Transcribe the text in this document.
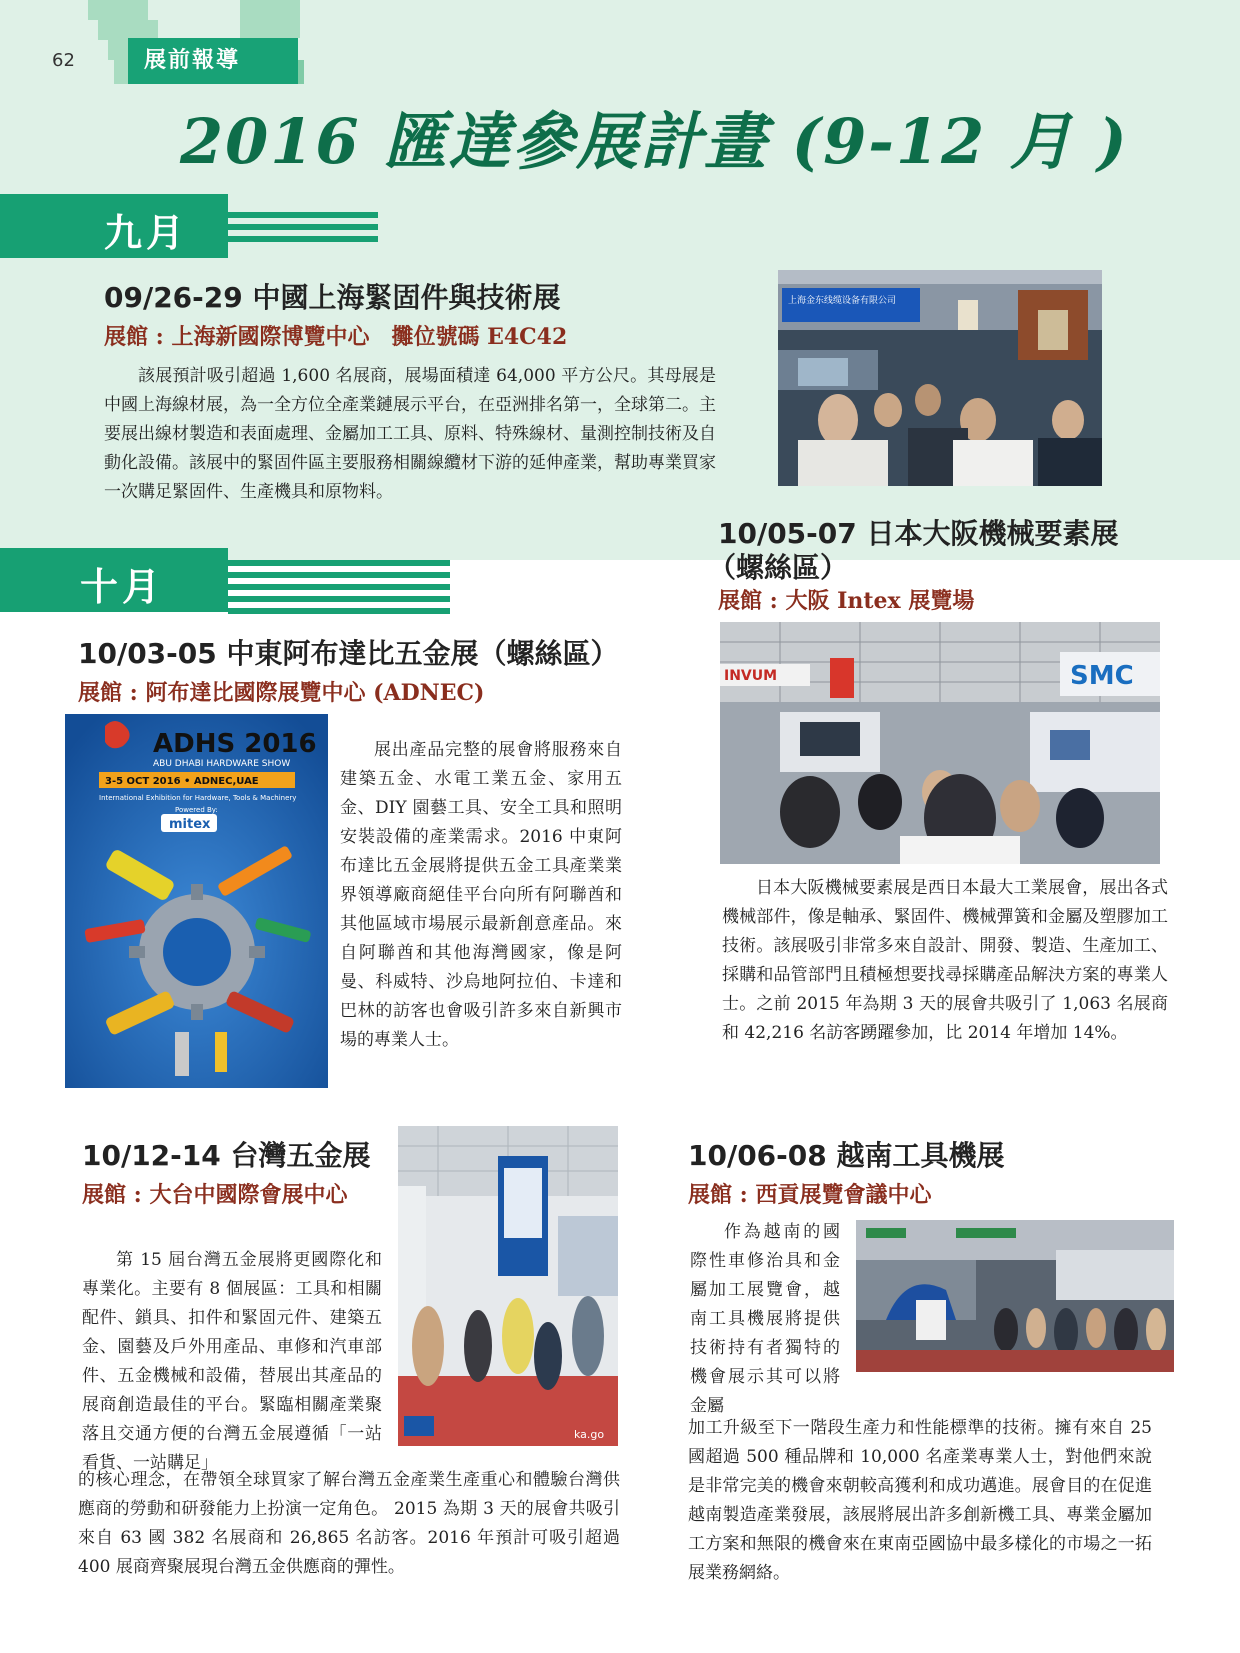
62	展前報導
2016 匯達參展計畫 (9-12 月 )
九月
09/26-29 中國上海緊固件與技術展
展館 : 上海新國際博覽中心　攤位號碼 E4C42
該展預計吸引超過 1,600 名展商，展場面積達 64,000 平方公尺。其母展是中國上海線材展，為一全方位全產業鏈展示平台，在亞洲排名第一，全球第二。主要展出線材製造和表面處理、金屬加工工具、原料、特殊線材、量測控制技術及自動化設備。該展中的緊固件區主要服務相關線纜材下游的延伸產業，幫助專業買家一次購足緊固件、生產機具和原物料。
上海金东线缆设备有限公司
十月
10/03-05 中東阿布達比五金展（螺絲區）
展館 : 阿布達比國際展覽中心 (ADNEC)
ADHS 2016
ABU DHABI HARDWARE SHOW
3-5 OCT 2016 • ADNEC,UAE
International Exhibition for Hardware, Tools & Machinery
Powered By:
mitex
展出產品完整的展會將服務來自建築五金、水電工業五金、家用五金、DIY 園藝工具、安全工具和照明安裝設備的產業需求。2016 中東阿布達比五金展將提供五金工具產業業界領導廠商絕佳平台向所有阿聯酋和其他區域市場展示最新創意產品。來自阿聯酋和其他海灣國家，像是阿曼、科威特、沙烏地阿拉伯、卡達和巴林的訪客也會吸引許多來自新興市場的專業人士。
10/05-07 日本大阪機械要素展
（螺絲區）
展館 : 大阪 Intex 展覽場
INVUM	SMC
日本大阪機械要素展是西日本最大工業展會，展出各式機械部件，像是軸承、緊固件、機械彈簧和金屬及塑膠加工技術。該展吸引非常多來自設計、開發、製造、生產加工、採購和品管部門且積極想要找尋採購產品解決方案的專業人士。之前 2015 年為期 3 天的展會共吸引了 1,063 名展商和 42,216 名訪客踴躍參加，比 2014 年增加 14%。
10/12-14 台灣五金展
展館 : 大台中國際會展中心
第 15 屆台灣五金展將更國際化和專業化。主要有 8 個展區：工具和相關配件、鎖具、扣件和緊固元件、建築五金、園藝及戶外用產品、車修和汽車部件、五金機械和設備，替展出其產品的展商創造最佳的平台。緊臨相關產業聚落且交通方便的台灣五金展遵循「一站看貨、一站購足」
的核心理念，在帶領全球買家了解台灣五金產業生產重心和體驗台灣供應商的勞動和研發能力上扮演一定角色。 2015 為期 3 天的展會共吸引來自 63 國 382 名展商和 26,865 名訪客。2016 年預計可吸引超過 400 展商齊聚展現台灣五金供應商的彈性。
ka.go
10/06-08 越南工具機展
展館 : 西貢展覽會議中心
作為越南的國際性車修治具和金屬加工展覽會，越南工具機展將提供技術持有者獨特的機會展示其可以將金屬
加工升級至下一階段生產力和性能標準的技術。擁有來自 25 國超過 500 種品牌和 10,000 名產業專業人士，對他們來說是非常完美的機會來朝較高獲利和成功邁進。展會目的在促進越南製造產業發展，該展將展出許多創新機工具、專業金屬加工方案和無限的機會來在東南亞國協中最多樣化的市場之一拓展業務網絡。
